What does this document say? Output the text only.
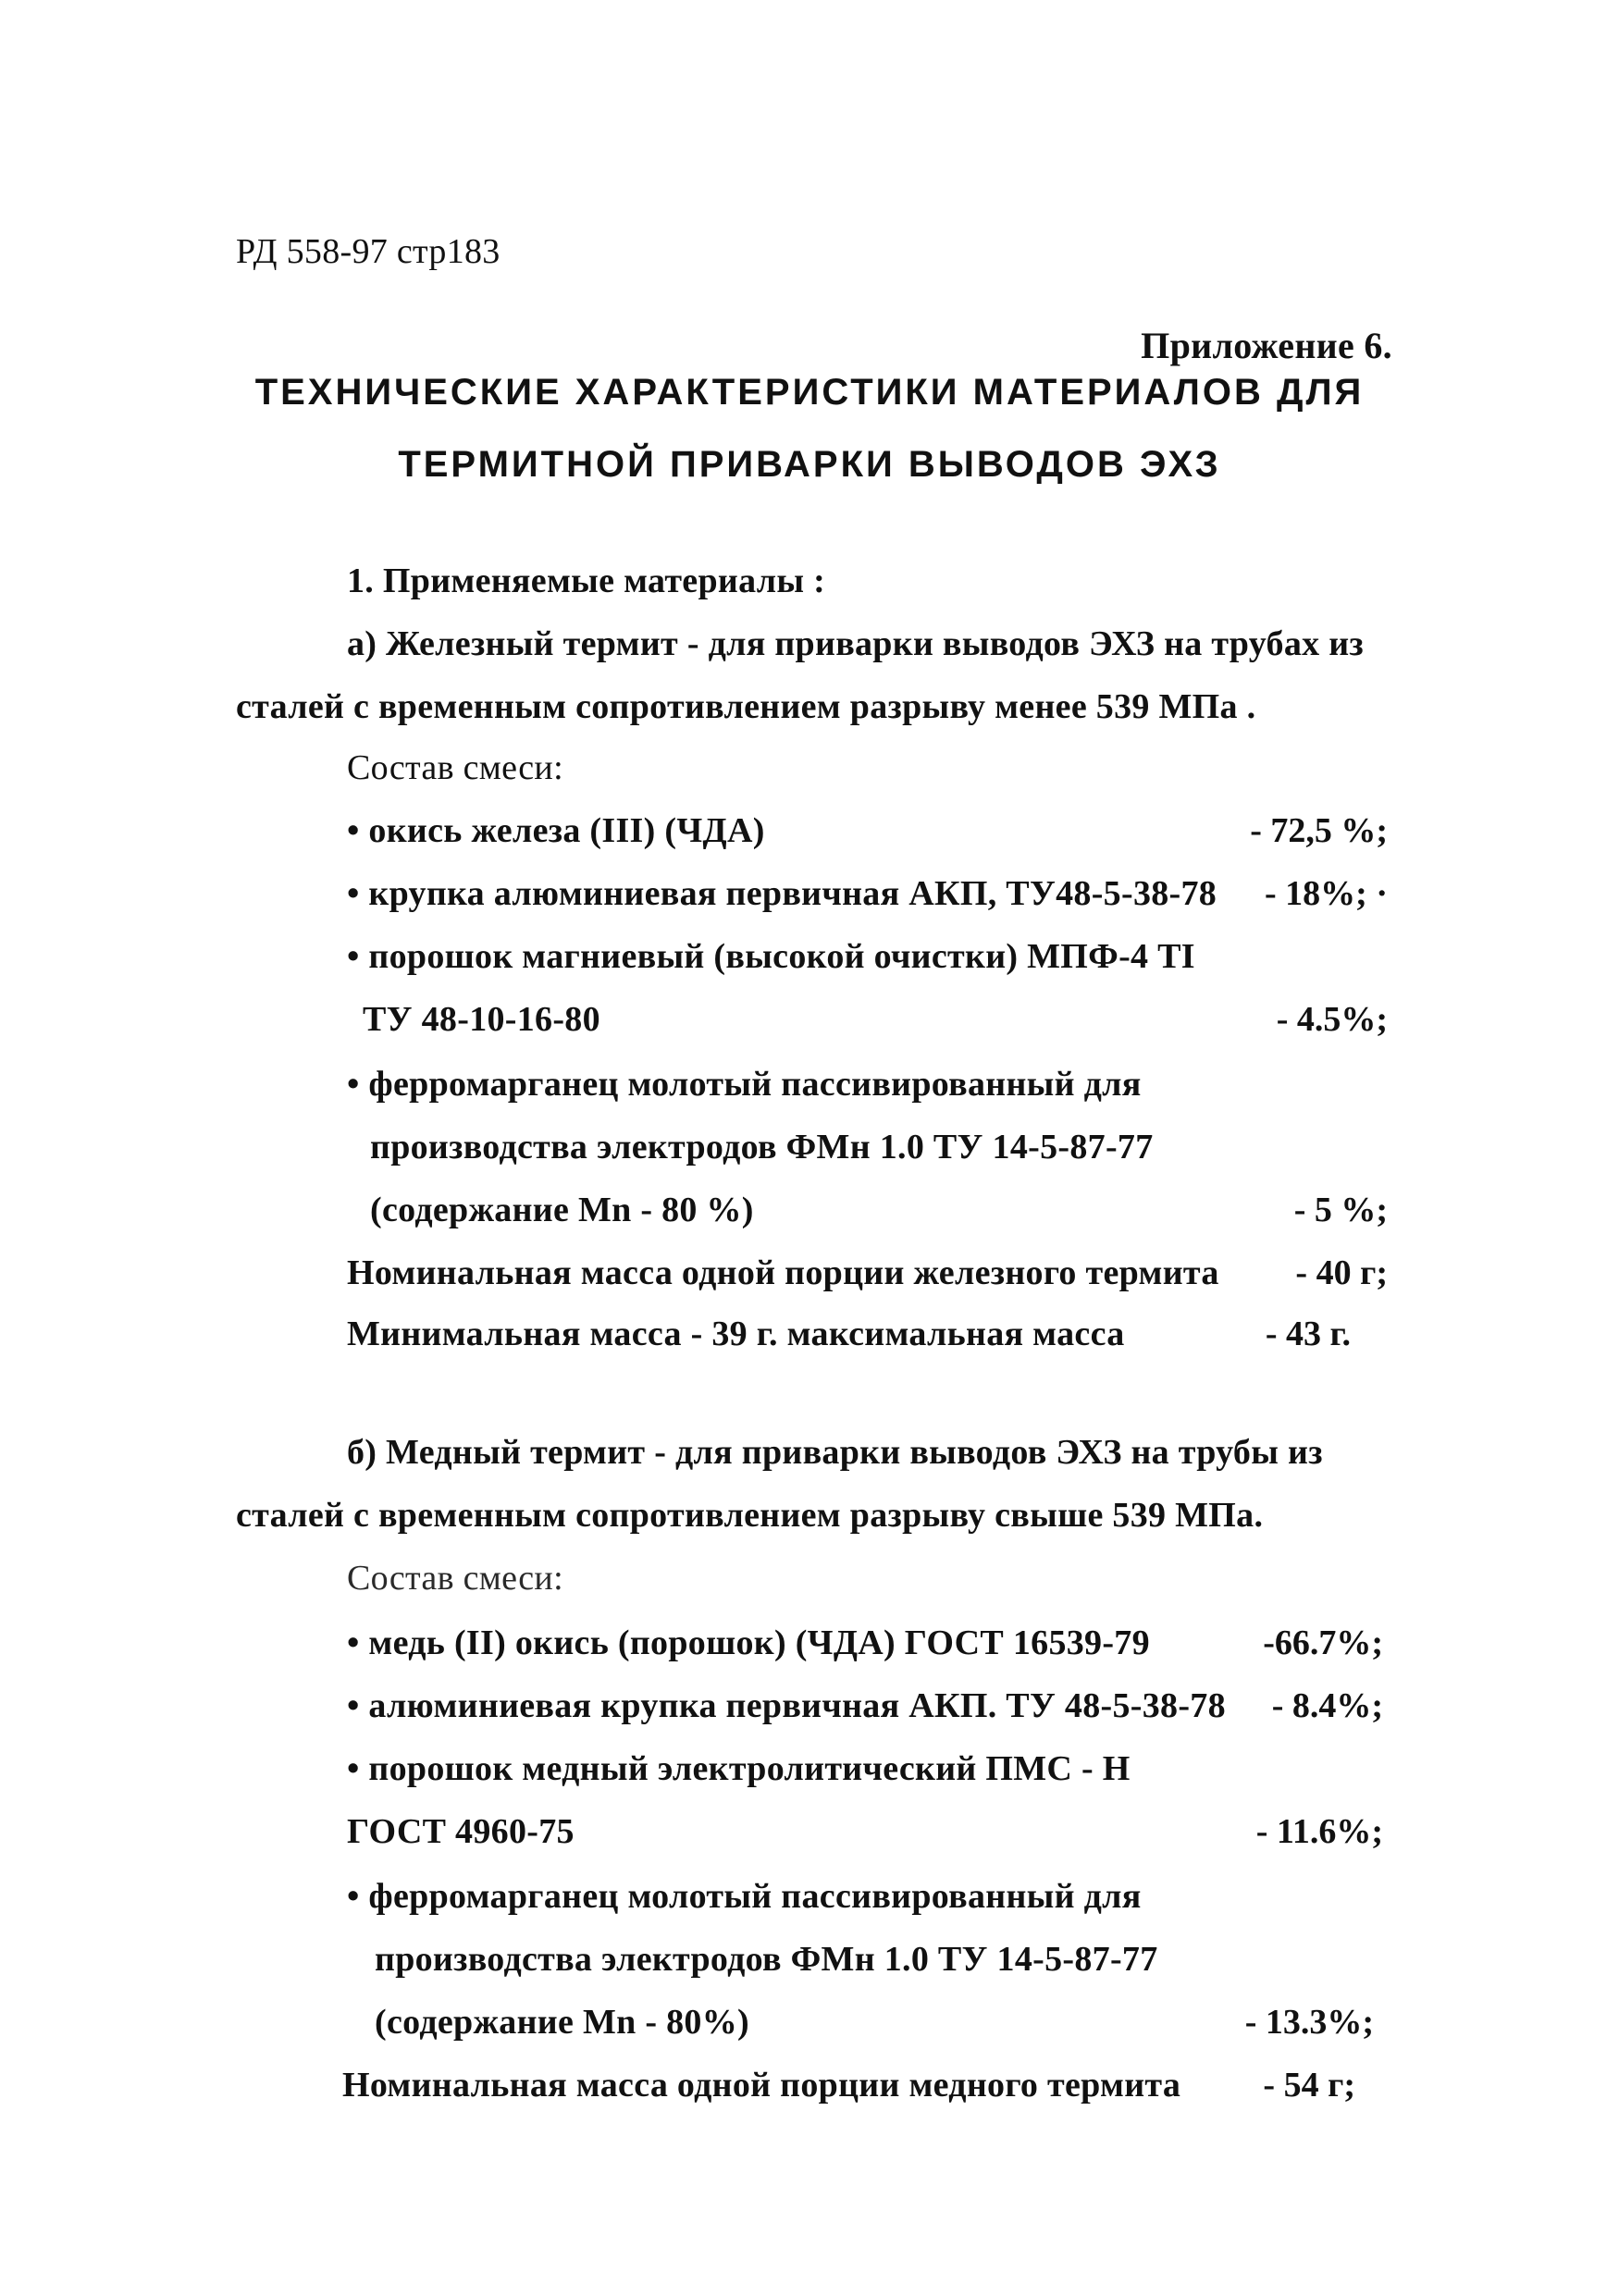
РД 558-97 стр183
Приложение 6.
ТЕХНИЧЕСКИЕ ХАРАКТЕРИСТИКИ МАТЕРИАЛОВ ДЛЯ
ТЕРМИТНОЙ ПРИВАРКИ ВЫВОДОВ ЭХЗ
1. Применяемые материалы :
а) Железный термит - для приварки выводов ЭХЗ на трубах из
сталей с временным сопротивлением разрыву менее 539 МПа .
Состав смеси:
• окись железа (III) (ЧДА)	- 72,5 %;
• крупка алюминиевая первичная АКП, ТУ48-5-38-78 - 18%; ·
• порошок магниевый (высокой очистки) МПФ-4 ТІ
ТУ 48-10-16-80	- 4.5%;
• ферромарганец молотый пассивированный для
производства электродов ФМн 1.0 ТУ 14-5-87-77
(содержание Мn - 80 %)	- 5 %;
Номинальная масса одной порции железного термита - 40 г;
Минимальная масса - 39 г. максимальная масса	- 43 г.
б) Медный термит - для приварки выводов ЭХЗ на трубы из
сталей с временным сопротивлением разрыву свыше 539 МПа.
Состав смеси:
• медь (II) окись (порошок) (ЧДА) ГОСТ 16539-79	-66.7%;
• алюминиевая крупка первичная АКП. ТУ 48-5-38-78 - 8.4%;
• порошок медный электролитический ПМС - Н
ГОСТ 4960-75	- 11.6%;
• ферромарганец молотый пассивированный для
производства электродов ФМн 1.0 ТУ 14-5-87-77
(содержание Мn - 80%)	- 13.3%;
Номинальная масса одной порции медного термита - 54 г;
